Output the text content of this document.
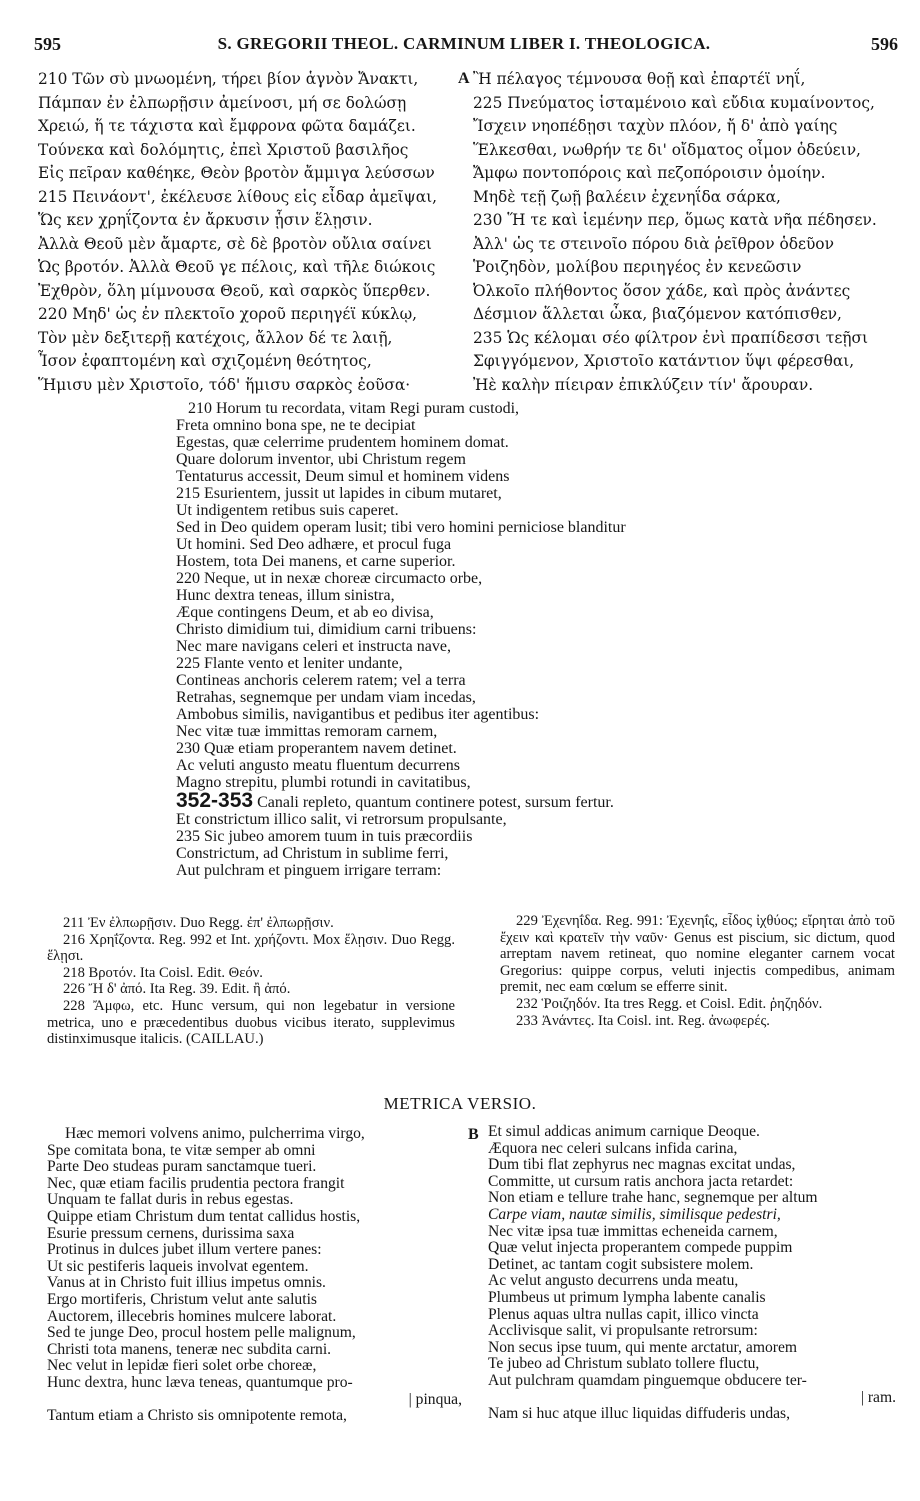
595	S. GREGORII THEOL. CARMINUM LIBER I. THEOLOGICA.	596
210 Τῶν σὺ μνωομένη, τήρει βίον ἁγνὸν Ἄνακτι,
Πάμπαν ἐν ἐλπωρῇσιν ἀμείνοσι, μή σε δολώσῃ
Χρειώ, ἥ τε τάχιστα καὶ ἔμφρονα φῶτα δαμάζει.
Τούνεκα καὶ δολόμητις, ἐπεὶ Χριστοῦ βασιλῆος
Εἰς πεῖραν καθέηκε, Θεὸν βροτὸν ἄμμιγα λεύσσων
215 Πεινάοντ', ἐκέλευσε λίθους εἰς εἶδαρ ἀμεῖψαι,
Ὥς κεν χρηΐζοντα ἐν ἄρκυσιν ᾗσιν ἕλῃσιν.
Ἀλλὰ Θεοῦ μὲν ἄμαρτε, σὲ δὲ βροτὸν οὔλια σαίνει
Ὡς βροτόν. Ἀλλὰ Θεοῦ γε πέλοις, καὶ τῆλε διώκοις
Ἐχθρὸν, ὅλη μίμνουσα Θεοῦ, καὶ σαρκὸς ὕπερθεν.
220 Μηδ' ὡς ἐν πλεκτοῖο χοροῦ περιηγέϊ κύκλῳ,
Τὸν μὲν δεξιτερῇ κατέχοις, ἄλλον δέ τε λαιῇ,
Ἶσον ἐφαπτομένη καὶ σχιζομένη θεότητος,
Ἥμισυ μὲν Χριστοῖο, τόδ' ἥμισυ σαρκὸς ἐοῦσα·
A Ἢ πέλαγος τέμνουσα θοῇ καὶ ἐπαρτέϊ νηΐ,
225 Πνεύματος ἱσταμένοιο καὶ εὔδια κυμαίνοντος,
Ἴσχειν νηοπέδῃσι ταχὺν πλόον, ἤ δ' ἀπὸ γαίης
Ἕλκεσθαι, νωθρήν τε δι' οἴδματος οἶμον ὁδεύειν,
Ἄμφω ποντοπόροις καὶ πεζοπόροισιν ὁμοίην.
Μηδὲ τεῇ ζωῇ βαλέειν ἐχενηΐδα σάρκα,
230 Ἥ τε καὶ ἱεμένην περ, ὅμως κατὰ νῆα πέδησεν.
Ἀλλ' ὡς τε στεινοῖο πόρου διὰ ῥεῖθρον ὁδεῦον
Ῥοιζηδὸν, μολίβου περιηγέος ἐν κενεῶσιν
Ὀλκοῖο πλήθοντος ὅσον χάδε, καὶ πρὸς ἀνάντες
Δέσμιον ἅλλεται ὦκα, βιαζόμενον κατόπισθεν,
235 Ὡς κέλομαι σέο φίλτρον ἐνὶ πραπίδεσσι τεῇσι
Σφιγγόμενον, Χριστοῖο κατάντιον ὕψι φέρεσθαι,
Ἠὲ καλὴν πίειραν ἐπικλύζειν τίν' ἄρουραν.
210 Horum tu recordata, vitam Regi puram custodi,
Freta omnino bona spe, ne te decipiat
Egestas, quæ celerrime prudentem hominem domat.
Quare dolorum inventor, ubi Christum regem
Tentaturus accessit, Deum simul et hominem videns
215 Esurientem, jussit ut lapides in cibum mutaret,
Ut indigentem retibus suis caperet.
Sed in Deo quidem operam lusit; tibi vero homini perniciose blanditur
Ut homini. Sed Deo adhære, et procul fuga
Hostem, tota Dei manens, et carne superior.
220 Neque, ut in nexæ choreæ circumacto orbe,
Hunc dextra teneas, illum sinistra,
Æque contingens Deum, et ab eo divisa,
Christo dimidium tui, dimidium carni tribuens:
Nec mare navigans celeri et instructa nave,
225 Flante vento et leniter undante,
Contineas anchoris celerem ratem; vel a terra
Retrahas, segnemque per undam viam incedas,
Ambobus similis, navigantibus et pedibus iter agentibus:
Nec vitæ tuæ immittas remoram carnem,
230 Quæ etiam properantem navem detinet.
Ac veluti angusto meatu fluentum decurrens
Magno strepitu, plumbi rotundi in cavitatibus,
352-353 Canali repleto, quantum continere potest, sursum fertur.
Et constrictum illico salit, vi retrorsum propulsante,
235 Sic jubeo amorem tuum in tuis præcordiis
Constrictum, ad Christum in sublime ferri,
Aut pulchram et pinguem irrigare terram:

211 Ἐν ἐλπωρῇσιν. Duo Regg. ἐπ' ἐλπωρῇσιν.

216 Χρηΐζοντα. Reg. 992 et Int. χρήζοντι. Mox ἕλῃσιν. Duo Regg. ἕλῃσι.

218 Βροτόν. Ita Coisl. Edit. Θεόν.

226 Ἤ δ' ἀπό. Ita Reg. 39. Edit. ἢ ἀπό.

228 Ἄμφω, etc. Hunc versum, qui non legebatur in versione metrica, uno e præcedentibus duobus vicibus iterato, supplevimus distinximusque italicis. (CAILLAU.)

229 Ἐχενηΐδα. Reg. 991: Ἐχενηΐς, εἶδος ἰχθύος; εἴρηται ἀπὸ τοῦ ἔχειν καὶ κρατεῖν τὴν ναῦν· Genus est piscium, sic dictum, quod arreptam navem retineat, quo nomine eleganter carnem vocat Gregorius: quippe corpus, veluti injectis compedibus, animam premit, nec eam cœlum se efferre sinit.

232 Ῥοιζηδόν. Ita tres Regg. et Coisl. Edit. ῥηζηδόν.

233 Ἀνάντες. Ita Coisl. int. Reg. ἀνωφερές.

METRICA VERSIO.
Hæc memori volvens animo, pulcherrima virgo,
Spe comitata bona, te vitæ semper ab omni
Parte Deo studeas puram sanctamque tueri.
Nec, quæ etiam facilis prudentia pectora frangit
Unquam te fallat duris in rebus egestas.
Quippe etiam Christum dum tentat callidus hostis,
Esurie pressum cernens, durissima saxa
Protinus in dulces jubet illum vertere panes:
Ut sic pestiferis laqueis involvat egentem.
Vanus at in Christo fuit illius impetus omnis.
Ergo mortiferis, Christum velut ante salutis
Auctorem, illecebris homines mulcere laborat.
Sed te junge Deo, procul hostem pelle malignum,
Christi tota manens, teneræ nec subdita carni.
Nec velut in lepidæ fieri solet orbe choreæ,
Hunc dextra, hunc læva teneas, quantumque pro-
| pinqua,
Tantum etiam a Christo sis omnipotente remota,
B Et simul addicas animum carnique Deoque.
Æquora nec celeri sulcans infida carina,
Dum tibi flat zephyrus nec magnas excitat undas,
Committe, ut cursum ratis anchora jacta retardet:
Non etiam e tellure trahe hanc, segnemque per altum
Carpe viam, nautæ similis, similisque pedestri,
Nec vitæ ipsa tuæ immittas echeneida carnem,
Quæ velut injecta properantem compede puppim
Detinet, ac tantam cogit subsistere molem.
Ac velut angusto decurrens unda meatu,
Plumbeus ut primum lympha labente canalis
Plenus aquas ultra nullas capit, illico vincta
Acclivisque salit, vi propulsante retrorsum:
Non secus ipse tuum, qui mente arctatur, amorem
Te jubeo ad Christum sublato tollere fluctu,
Aut pulchram quamdam pinguemque obducere ter-
| ram.
Nam si huc atque illuc liquidas diffuderis undas,
